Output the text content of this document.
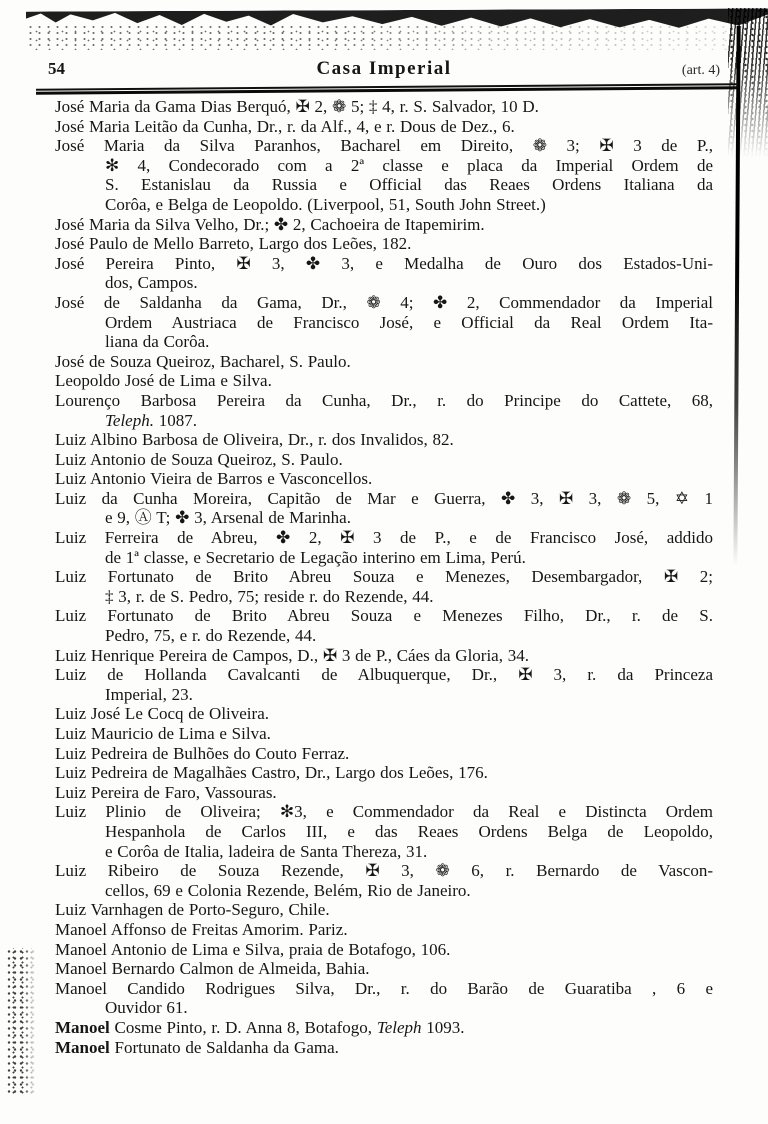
54	Casa Imperial	(art. 4)
José Maria da Gama Dias Berquó, ✠ 2, ❁ 5; ‡ 4, r. S. Salvador, 10 D.
José Maria Leitão da Cunha, Dr., r. da Alf., 4, e r. Dous de Dez., 6.
José Maria da Silva Paranhos, Bacharel em Direito, ❁ 3; ✠ 3 de P.,
✻ 4, Condecorado com a 2ª classe e placa da Imperial Ordem de
S. Estanislau da Russia e Official das Reaes Ordens Italiana da
Corôa, e Belga de Leopoldo. (Liverpool, 51, South John Street.)
José Maria da Silva Velho, Dr.; ✤ 2, Cachoeira de Itapemirim.
José Paulo de Mello Barreto, Largo dos Leões, 182.
José Pereira Pinto, ✠ 3, ✤ 3, e Medalha de Ouro dos Estados-Uni-
dos, Campos.
José de Saldanha da Gama, Dr., ❁ 4; ✤ 2, Commendador da Imperial
Ordem Austriaca de Francisco José, e Official da Real Ordem Ita-
liana da Corôa.
José de Souza Queiroz, Bacharel, S. Paulo.
Leopoldo José de Lima e Silva.
Lourenço Barbosa Pereira da Cunha, Dr., r. do Principe do Cattete, 68,
Teleph. 1087.
Luiz Albino Barbosa de Oliveira, Dr., r. dos Invalidos, 82.
Luiz Antonio de Souza Queiroz, S. Paulo.
Luiz Antonio Vieira de Barros e Vasconcellos.
Luiz da Cunha Moreira, Capitão de Mar e Guerra, ✤ 3, ✠ 3, ❁ 5, ✡ 1
e 9, Ⓐ T; ✤ 3, Arsenal de Marinha.
Luiz Ferreira de Abreu, ✤ 2, ✠ 3 de P., e de Francisco José, addido
de 1ª classe, e Secretario de Legação interino em Lima, Perú.
Luiz Fortunato de Brito Abreu Souza e Menezes, Desembargador, ✠ 2;
‡ 3, r. de S. Pedro, 75; reside r. do Rezende, 44.
Luiz Fortunato de Brito Abreu Souza e Menezes Filho, Dr., r. de S.
Pedro, 75, e r. do Rezende, 44.
Luiz Henrique Pereira de Campos, D., ✠ 3 de P., Cáes da Gloria, 34.
Luiz de Hollanda Cavalcanti de Albuquerque, Dr., ✠ 3, r. da Princeza
Imperial, 23.
Luiz José Le Cocq de Oliveira.
Luiz Mauricio de Lima e Silva.
Luiz Pedreira de Bulhões do Couto Ferraz.
Luiz Pedreira de Magalhães Castro, Dr., Largo dos Leões, 176.
Luiz Pereira de Faro, Vassouras.
Luiz Plinio de Oliveira; ✻3, e Commendador da Real e Distincta Ordem
Hespanhola de Carlos III, e das Reaes Ordens Belga de Leopoldo,
e Corôa de Italia, ladeira de Santa Thereza, 31.
Luiz Ribeiro de Souza Rezende, ✠ 3, ❁ 6, r. Bernardo de Vascon-
cellos, 69 e Colonia Rezende, Belém, Rio de Janeiro.
Luiz Varnhagen de Porto-Seguro, Chile.
Manoel Affonso de Freitas Amorim. Pariz.
Manoel Antonio de Lima e Silva, praia de Botafogo, 106.
Manoel Bernardo Calmon de Almeida, Bahia.
Manoel Candido Rodrigues Silva, Dr., r. do Barão de Guaratiba , 6 e
Ouvidor 61.
Manoel Cosme Pinto, r. D. Anna 8, Botafogo, Teleph 1093.
Manoel Fortunato de Saldanha da Gama.
